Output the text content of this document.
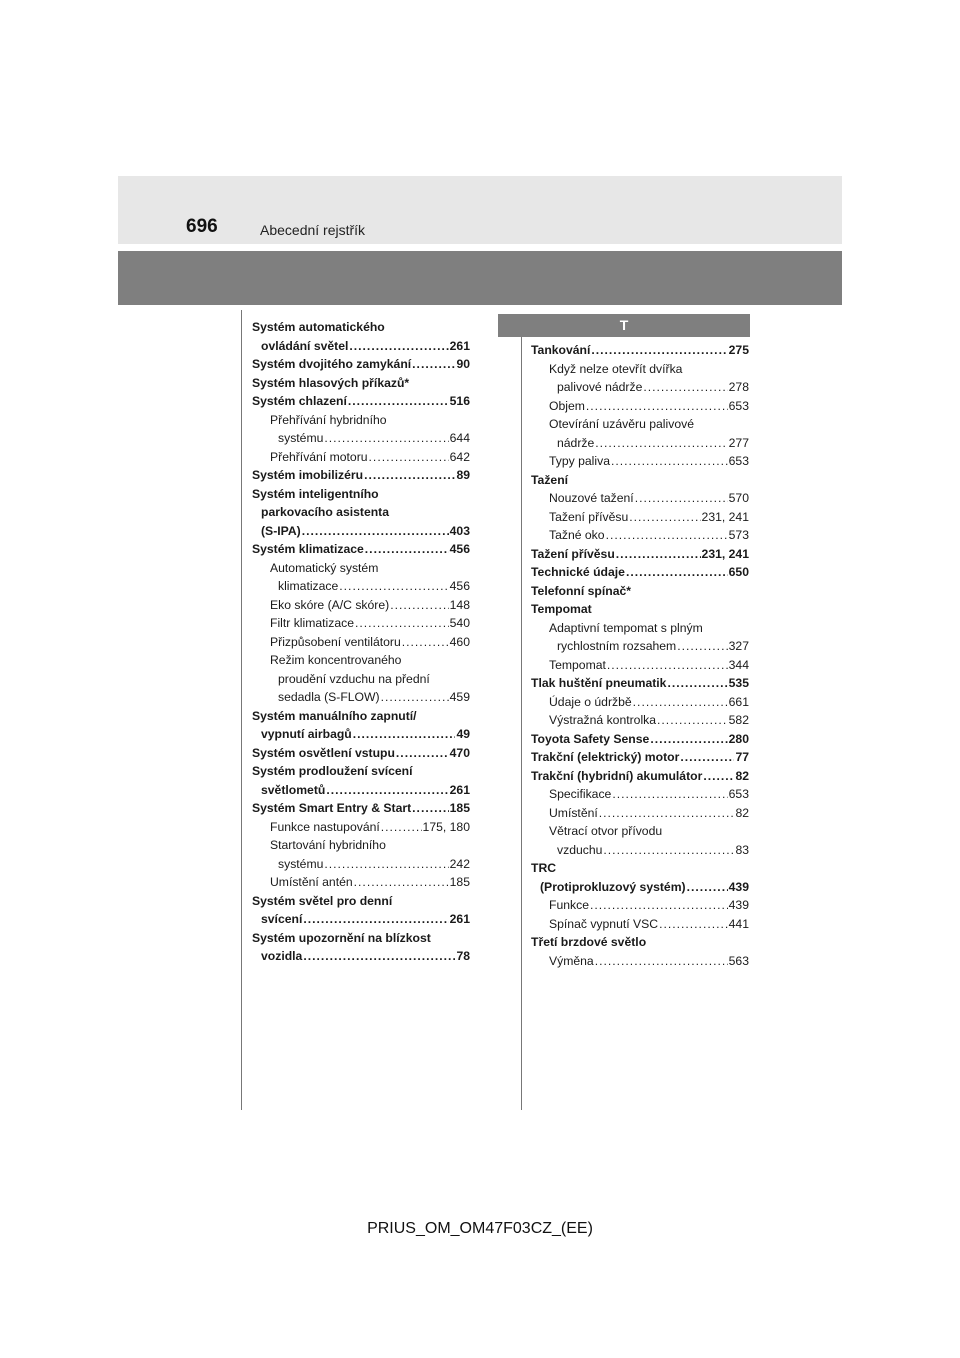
696	Abecední rejstřík
T
Systém automatického
ovládání světel .....	261
Systém dvojitého zamykání .....	90
Systém hlasových příkazů*
Systém chlazení .....	516
Přehřívání hybridního
systému .....	644
Přehřívání motoru .....	642
Systém imobilizéru .....	89
Systém inteligentního
parkovacího asistenta
(S-IPA) .....	403
Systém klimatizace .....	456
Automatický systém
klimatizace .....	456
Eko skóre (A/C skóre) .....	148
Filtr klimatizace .....	540
Přizpůsobení ventilátoru .....	460
Režim koncentrovaného
proudění vzduchu na přední
sedadla (S-FLOW) .....	459
Systém manuálního zapnutí/
vypnutí airbagů .....	49
Systém osvětlení vstupu .....	470
Systém prodloužení svícení
světlometů .....	261
Systém Smart Entry & Start .....	185
Funkce nastupování .....	175, 180
Startování hybridního
systému .....	242
Umístění antén .....	185
Systém světel pro denní
svícení .....	261
Systém upozornění na blízkost
vozidla .....	78
Tankování .....	275
Když nelze otevřít dvířka
palivové nádrže .....	278
Objem .....	653
Otevírání uzávěru palivové
nádrže .....	277
Typy paliva .....	653
Tažení
Nouzové tažení .....	570
Tažení přívěsu .....	231, 241
Tažné oko .....	573
Tažení přívěsu .....	231, 241
Technické údaje .....	650
Telefonní spínač*
Tempomat
Adaptivní tempomat s plným
rychlostním rozsahem .....	327
Tempomat .....	344
Tlak huštění pneumatik .....	535
Údaje o údržbě .....	661
Výstražná kontrolka .....	582
Toyota Safety Sense .....	280
Trakční (elektrický) motor .....	77
Trakční (hybridní) akumulátor .....	82
Specifikace .....	653
Umístění .....	82
Větrací otvor přívodu
vzduchu .....	83
TRC
(Protiprokluzový systém) .....	439
Funkce .....	439
Spínač vypnutí VSC .....	441
Třetí brzdové světlo
Výměna .....	563
PRIUS_OM_OM47F03CZ_(EE)
